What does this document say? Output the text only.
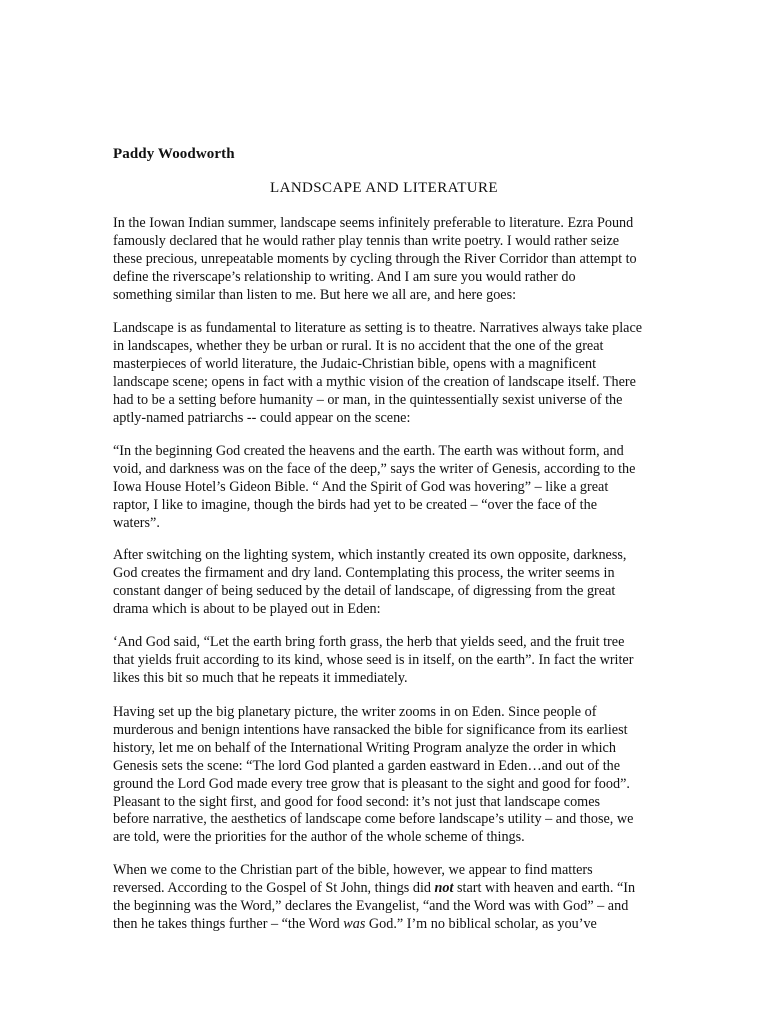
Paddy Woodworth
LANDSCAPE AND LITERATURE

In the Iowan Indian summer, landscape seems infinitely preferable to literature. Ezra Pound
famously declared that he would rather play tennis than write poetry. I would rather seize
these precious, unrepeatable moments by cycling through the River Corridor than attempt to
define the riverscape’s relationship to writing. And I am sure you would rather do
something similar than listen to me. But here we all are, and here goes:

Landscape is as fundamental to literature as setting is to theatre. Narratives always take place
in landscapes, whether they be urban or rural. It is no accident that the one of the great
masterpieces of world literature, the Judaic-Christian bible, opens with a magnificent
landscape scene; opens in fact with a mythic vision of the creation of landscape itself. There
had to be a setting before humanity – or man, in the quintessentially sexist universe of the
aptly-named patriarchs -- could appear on the scene:

“In the beginning God created the heavens and the earth. The earth was without form, and
void, and darkness was on the face of the deep,” says the writer of Genesis, according to the
Iowa House Hotel’s Gideon Bible. “ And the Spirit of God was hovering” – like a great
raptor, I like to imagine, though the birds had yet to be created – “over the face of the
waters”.

After switching on the lighting system, which instantly created its own opposite, darkness,
God creates the firmament and dry land. Contemplating this process, the writer seems in
constant danger of being seduced by the detail of landscape, of digressing from the great
drama which is about to be played out in Eden:

‘And God said, “Let the earth bring forth grass, the herb that yields seed, and the fruit tree
that yields fruit according to its kind, whose seed is in itself, on the earth”. In fact the writer
likes this bit so much that he repeats it immediately.

Having set up the big planetary picture, the writer zooms in on Eden. Since people of
murderous and benign intentions have ransacked the bible for significance from its earliest
history, let me on behalf of the International Writing Program analyze the order in which
Genesis sets the scene: “The lord God planted a garden eastward in Eden…and out of the
ground the Lord God made every tree grow that is pleasant to the sight and good for food”.
Pleasant to the sight first, and good for food second: it’s not just that landscape comes
before narrative, the aesthetics of landscape come before landscape’s utility – and those, we
are told, were the priorities for the author of the whole scheme of things.

When we come to the Christian part of the bible, however, we appear to find matters
reversed. According to the Gospel of St John, things did not start with heaven and earth. “In
the beginning was the Word,” declares the Evangelist, “and the Word was with God” – and
then he takes things further – “the Word was God.” I’m no biblical scholar, as you’ve
